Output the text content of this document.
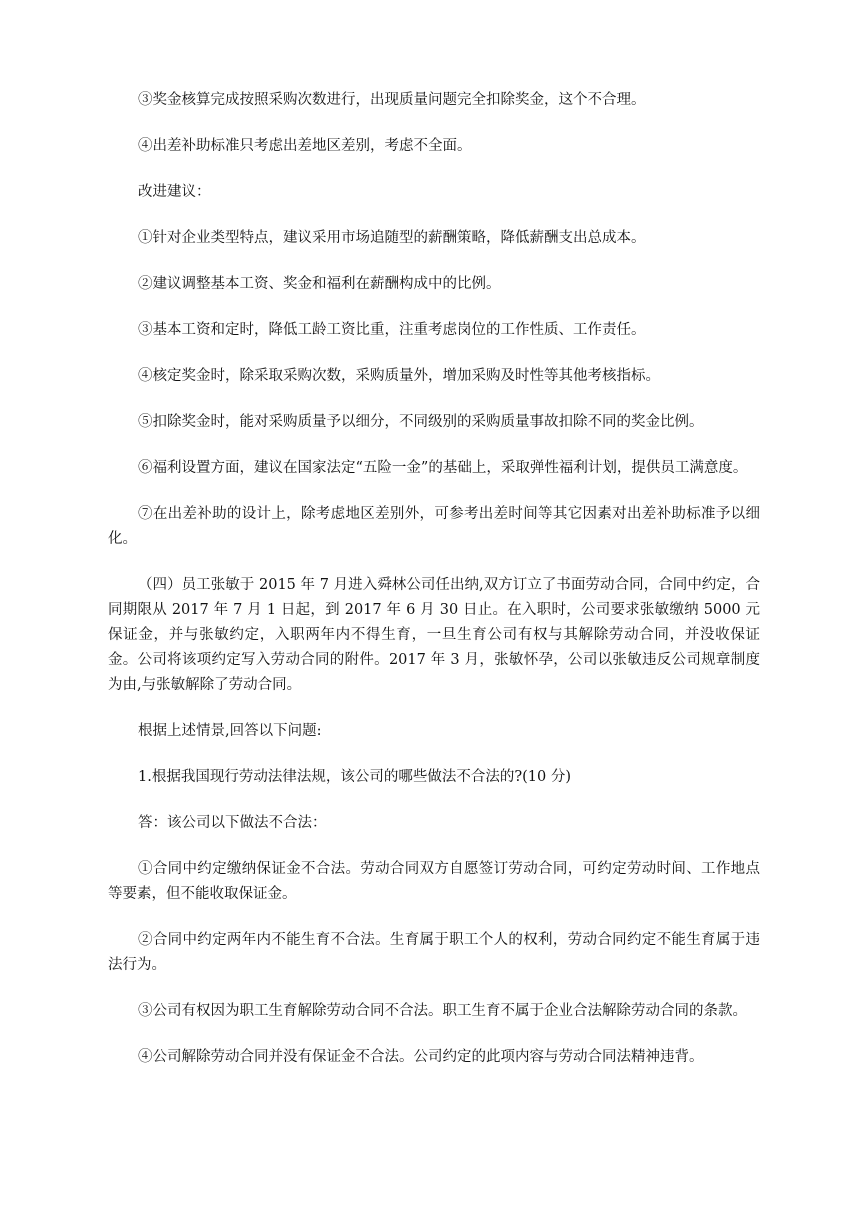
③奖金核算完成按照采购次数进行，出现质量问题完全扣除奖金，这个不合理。

④出差补助标准只考虑出差地区差别，考虑不全面。

改进建议：

①针对企业类型特点，建议采用市场追随型的薪酬策略，降低薪酬支出总成本。

②建议调整基本工资、奖金和福利在薪酬构成中的比例。

③基本工资和定时，降低工龄工资比重，注重考虑岗位的工作性质、工作责任。

④核定奖金时，除采取采购次数，采购质量外，增加采购及时性等其他考核指标。

⑤扣除奖金时，能对采购质量予以细分，不同级别的采购质量事故扣除不同的奖金比例。

⑥福利设置方面，建议在国家法定“五险一金”的基础上，采取弹性福利计划，提供员工满意度。

⑦在出差补助的设计上，除考虑地区差别外，可参考出差时间等其它因素对出差补助标准予以细化。

（四）员工张敏于 2015 年 7 月进入舜林公司任出纳,双方订立了书面劳动合同，合同中约定，合同期限从 2017 年 7 月 1 日起，到 2017 年 6 月 30 日止。在入职时，公司要求张敏缴纳 5000 元保证金，并与张敏约定，入职两年内不得生育，一旦生育公司有权与其解除劳动合同，并没收保证金。公司将该项约定写入劳动合同的附件。2017 年 3 月，张敏怀孕，公司以张敏违反公司规章制度为由,与张敏解除了劳动合同。

根据上述情景,回答以下问题:

1.根据我国现行劳动法律法规，该公司的哪些做法不合法的?(10 分)

答：该公司以下做法不合法：

①合同中约定缴纳保证金不合法。劳动合同双方自愿签订劳动合同，可约定劳动时间、工作地点等要素，但不能收取保证金。

②合同中约定两年内不能生育不合法。生育属于职工个人的权利，劳动合同约定不能生育属于违法行为。

③公司有权因为职工生育解除劳动合同不合法。职工生育不属于企业合法解除劳动合同的条款。

④公司解除劳动合同并没有保证金不合法。公司约定的此项内容与劳动合同法精神违背。
